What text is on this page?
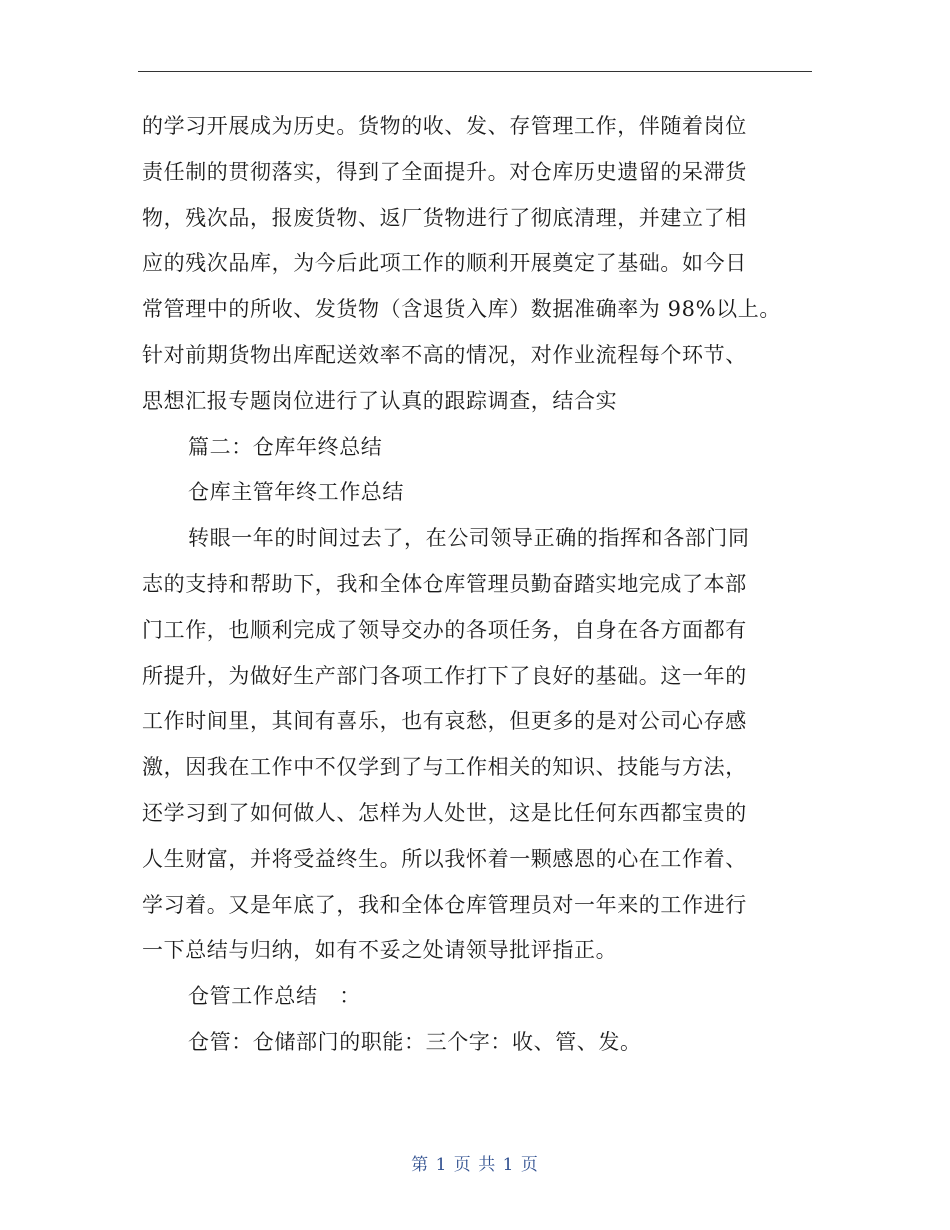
的学习开展成为历史。货物的收、发、存管理工作，伴随着岗位
责任制的贯彻落实，得到了全面提升。对仓库历史遗留的呆滞货
物，残次品，报废货物、返厂货物进行了彻底清理，并建立了相
应的残次品库，为今后此项工作的顺利开展奠定了基础。如今日
常管理中的所收、发货物（含退货入库）数据准确率为 98%以上。
针对前期货物出库配送效率不高的情况，对作业流程每个环节、
思想汇报专题岗位进行了认真的跟踪调查，结合实
篇二：仓库年终总结
仓库主管年终工作总结
转眼一年的时间过去了，在公司领导正确的指挥和各部门同
志的支持和帮助下，我和全体仓库管理员勤奋踏实地完成了本部
门工作，也顺利完成了领导交办的各项任务，自身在各方面都有
所提升，为做好生产部门各项工作打下了良好的基础。这一年的
工作时间里，其间有喜乐，也有哀愁，但更多的是对公司心存感
激，因我在工作中不仅学到了与工作相关的知识、技能与方法，
还学习到了如何做人、怎样为人处世，这是比任何东西都宝贵的
人生财富，并将受益终生。所以我怀着一颗感恩的心在工作着、
学习着。又是年底了，我和全体仓库管理员对一年来的工作进行
一下总结与归纳，如有不妥之处请领导批评指正。
仓管工作总结　：
仓管：仓储部门的职能：三个字：收、管、发。
第 1 页 共 1 页
